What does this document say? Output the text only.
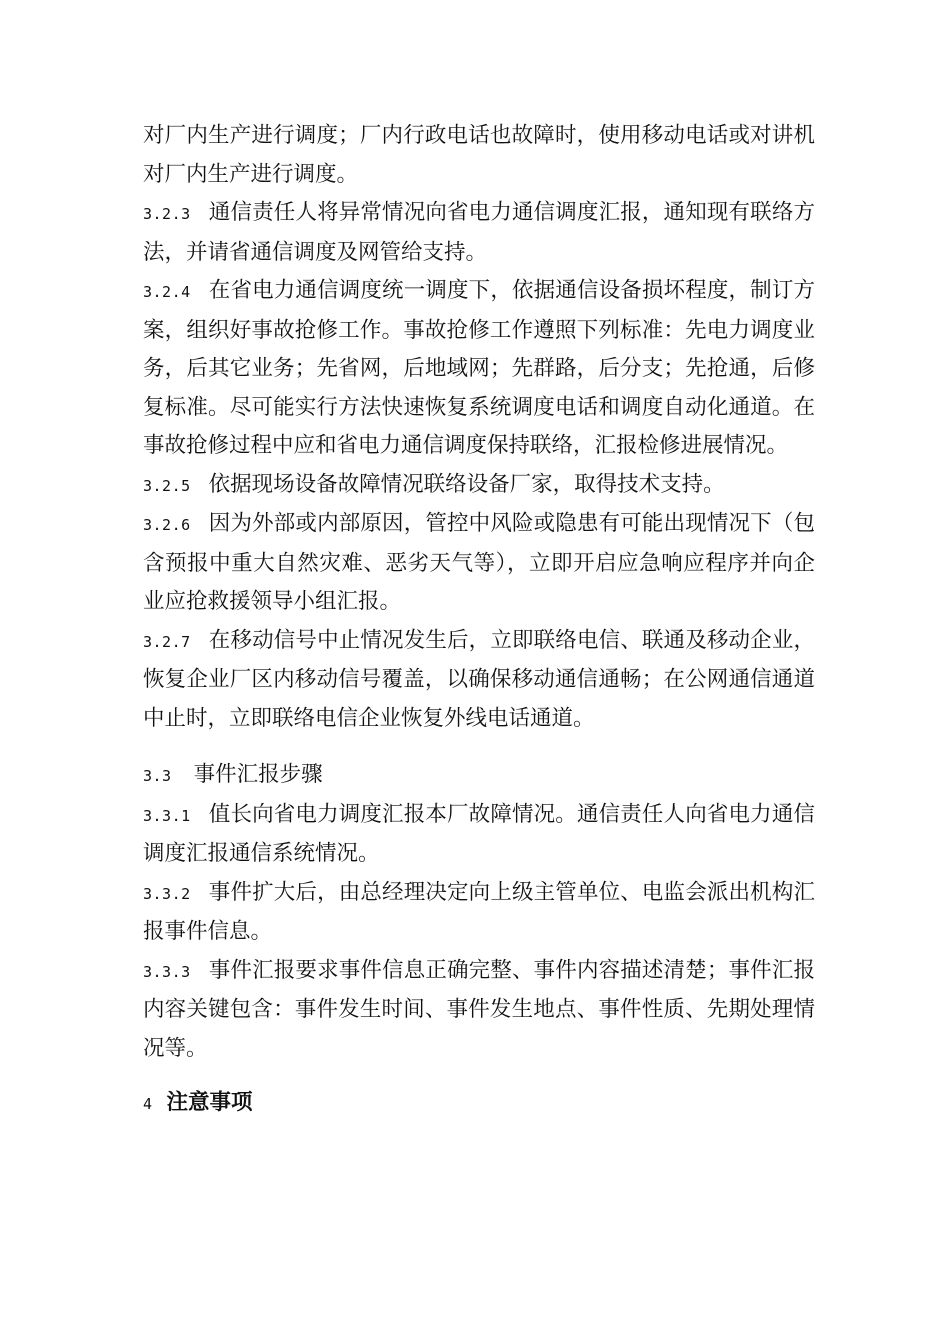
对厂内生产进行调度；厂内行政电话也故障时，使用移动电话或对讲机对厂内生产进行调度。

3.2.3 通信责任人将异常情况向省电力通信调度汇报，通知现有联络方法，并请省通信调度及网管给支持。

3.2.4 在省电力通信调度统一调度下，依据通信设备损坏程度，制订方案，组织好事故抢修工作。事故抢修工作遵照下列标准：先电力调度业务，后其它业务；先省网，后地域网；先群路，后分支；先抢通，后修复标准。尽可能实行方法快速恢复系统调度电话和调度自动化通道。在事故抢修过程中应和省电力通信调度保持联络，汇报检修进展情况。

3.2.5 依据现场设备故障情况联络设备厂家，取得技术支持。

3.2.6 因为外部或内部原因，管控中风险或隐患有可能出现情况下（包含预报中重大自然灾难、恶劣天气等），立即开启应急响应程序并向企业应抢救援领导小组汇报。

3.2.7 在移动信号中止情况发生后，立即联络电信、联通及移动企业，恢复企业厂区内移动信号覆盖，以确保移动通信通畅；在公网通信通道中止时，立即联络电信企业恢复外线电话通道。

3.3 事件汇报步骤

3.3.1 值长向省电力调度汇报本厂故障情况。通信责任人向省电力通信调度汇报通信系统情况。

3.3.2 事件扩大后，由总经理决定向上级主管单位、电监会派出机构汇报事件信息。

3.3.3 事件汇报要求事件信息正确完整、事件内容描述清楚；事件汇报内容关键包含：事件发生时间、事件发生地点、事件性质、先期处理情况等。

4 注意事项
